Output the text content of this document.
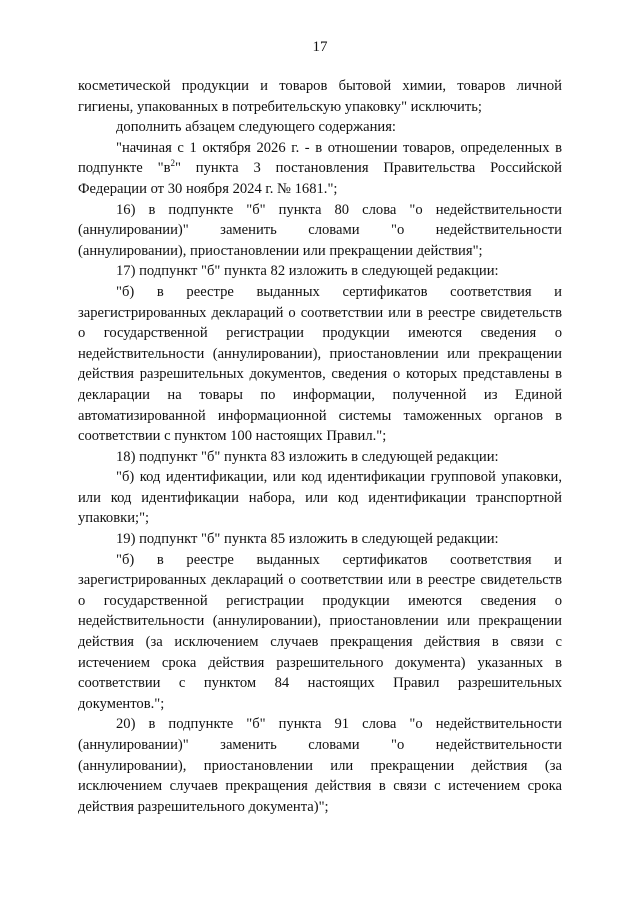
17

косметической продукции и товаров бытовой химии, товаров личной гигиены, упакованных в потребительскую упаковку" исключить;

дополнить абзацем следующего содержания:

"начиная с 1 октября 2026 г. - в отношении товаров, определенных в подпункте "$в^2$" пункта 3 постановления Правительства Российской Федерации от 30 ноября 2024 г. № 1681.";

16) в подпункте "б" пункта 80 слова "о недействительности (аннулировании)" заменить словами "о недействительности (аннулировании), приостановлении или прекращении действия";

17) подпункт "б" пункта 82 изложить в следующей редакции:

"б) в реестре выданных сертификатов соответствия и зарегистрированных деклараций о соответствии или в реестре свидетельств о государственной регистрации продукции имеются сведения о недействительности (аннулировании), приостановлении или прекращении действия разрешительных документов, сведения о которых представлены в декларации на товары по информации, полученной из Единой автоматизированной информационной системы таможенных органов в соответствии с пунктом 100 настоящих Правил.";

18) подпункт "б" пункта 83 изложить в следующей редакции:

"б) код идентификации, или код идентификации групповой упаковки, или код идентификации набора, или код идентификации транспортной упаковки;";

19) подпункт "б" пункта 85 изложить в следующей редакции:

"б) в реестре выданных сертификатов соответствия и зарегистрированных деклараций о соответствии или в реестре свидетельств о государственной регистрации продукции имеются сведения о недействительности (аннулировании), приостановлении или прекращении действия (за исключением случаев прекращения действия в связи с истечением срока действия разрешительного документа) указанных в соответствии с пунктом 84 настоящих Правил разрешительных документов.";

20) в подпункте "б" пункта 91 слова "о недействительности (аннулировании)" заменить словами "о недействительности (аннулировании), приостановлении или прекращении действия (за исключением случаев прекращения действия в связи с истечением срока действия разрешительного документа)";
